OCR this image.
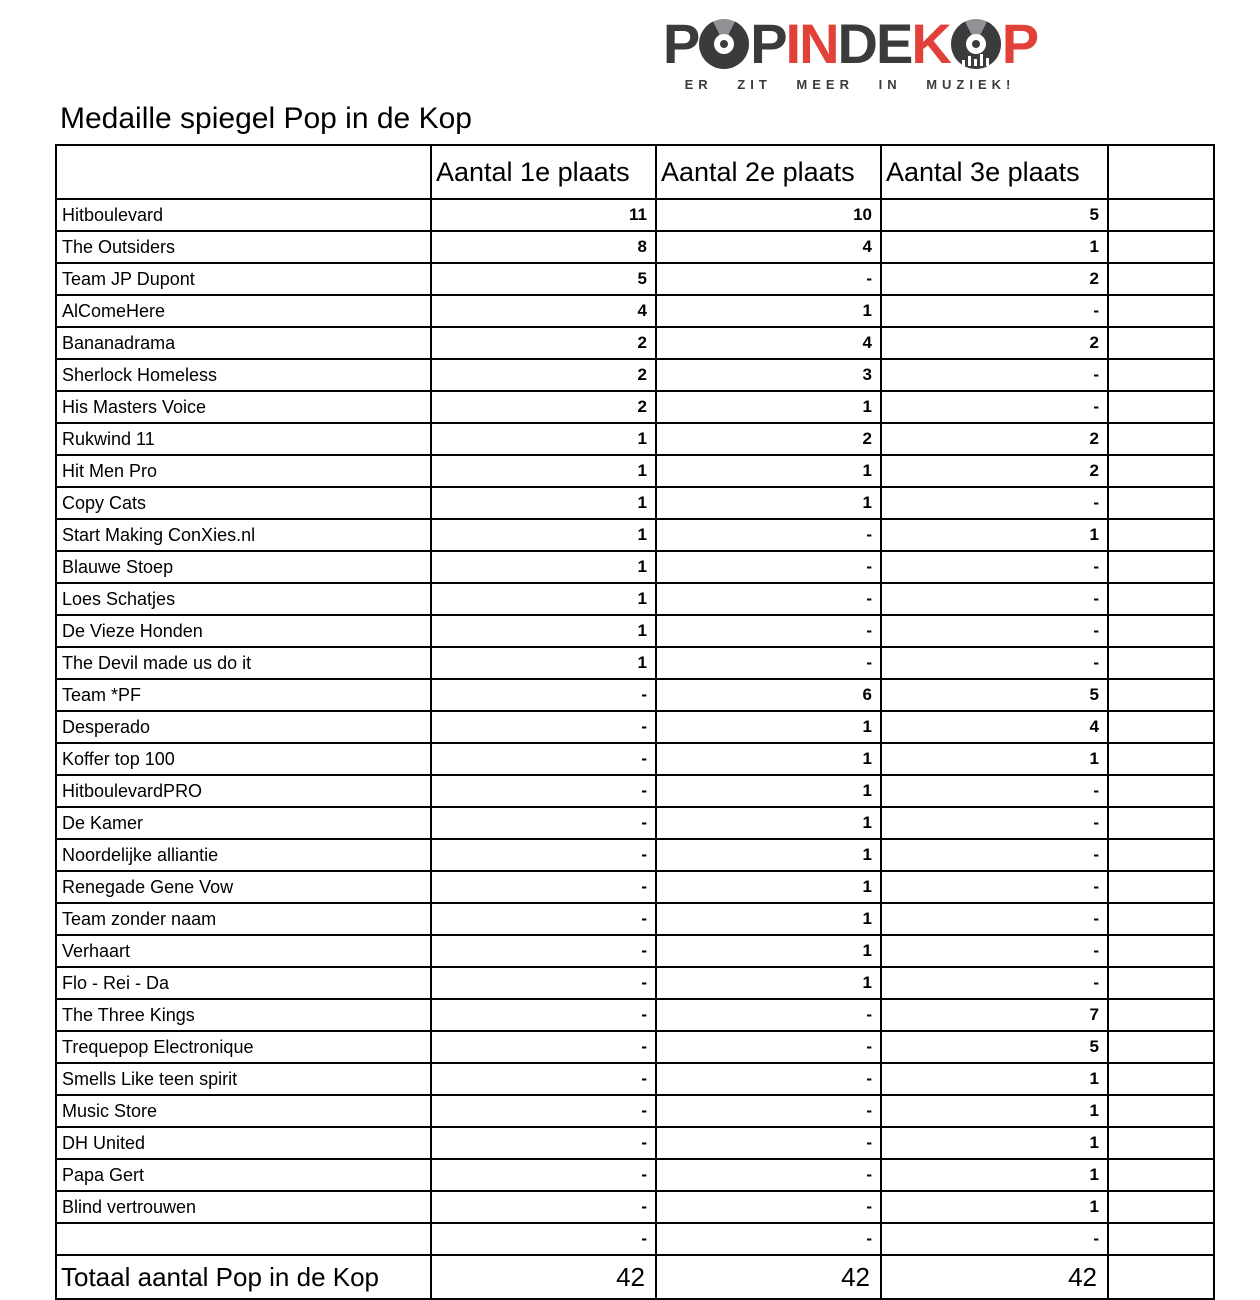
P P IN DE K P
ER ZIT MEER IN MUZIEK!
Medaille spiegel Pop in de Kop
	Aantal 1e plaats	Aantal 2e plaats	Aantal 3e plaats	
Hitboulevard	11	10	5	
The Outsiders	8	4	1	
Team JP Dupont	5	-	2	
AlComeHere	4	1	-	
Bananadrama	2	4	2	
Sherlock Homeless	2	3	-	
His Masters Voice	2	1	-	
Rukwind 11	1	2	2	
Hit Men Pro	1	1	2	
Copy Cats	1	1	-	
Start Making ConXies.nl	1	-	1	
Blauwe Stoep	1	-	-	
Loes Schatjes	1	-	-	
De Vieze Honden	1	-	-	
The Devil made us do it	1	-	-	
Team *PF	-	6	5	
Desperado	-	1	4	
Koffer top 100	-	1	1	
HitboulevardPRO	-	1	-	
De Kamer	-	1	-	
Noordelijke alliantie	-	1	-	
Renegade Gene Vow	-	1	-	
Team zonder naam	-	1	-	
Verhaart	-	1	-	
Flo - Rei - Da	-	1	-	
The Three Kings	-	-	7	
Trequepop Electronique	-	-	5	
Smells Like teen spirit	-	-	1	
Music Store	-	-	1	
DH United	-	-	1	
Papa Gert	-	-	1	
Blind vertrouwen	-	-	1	
	-	-	-	
Totaal aantal Pop in de Kop	42	42	42	
